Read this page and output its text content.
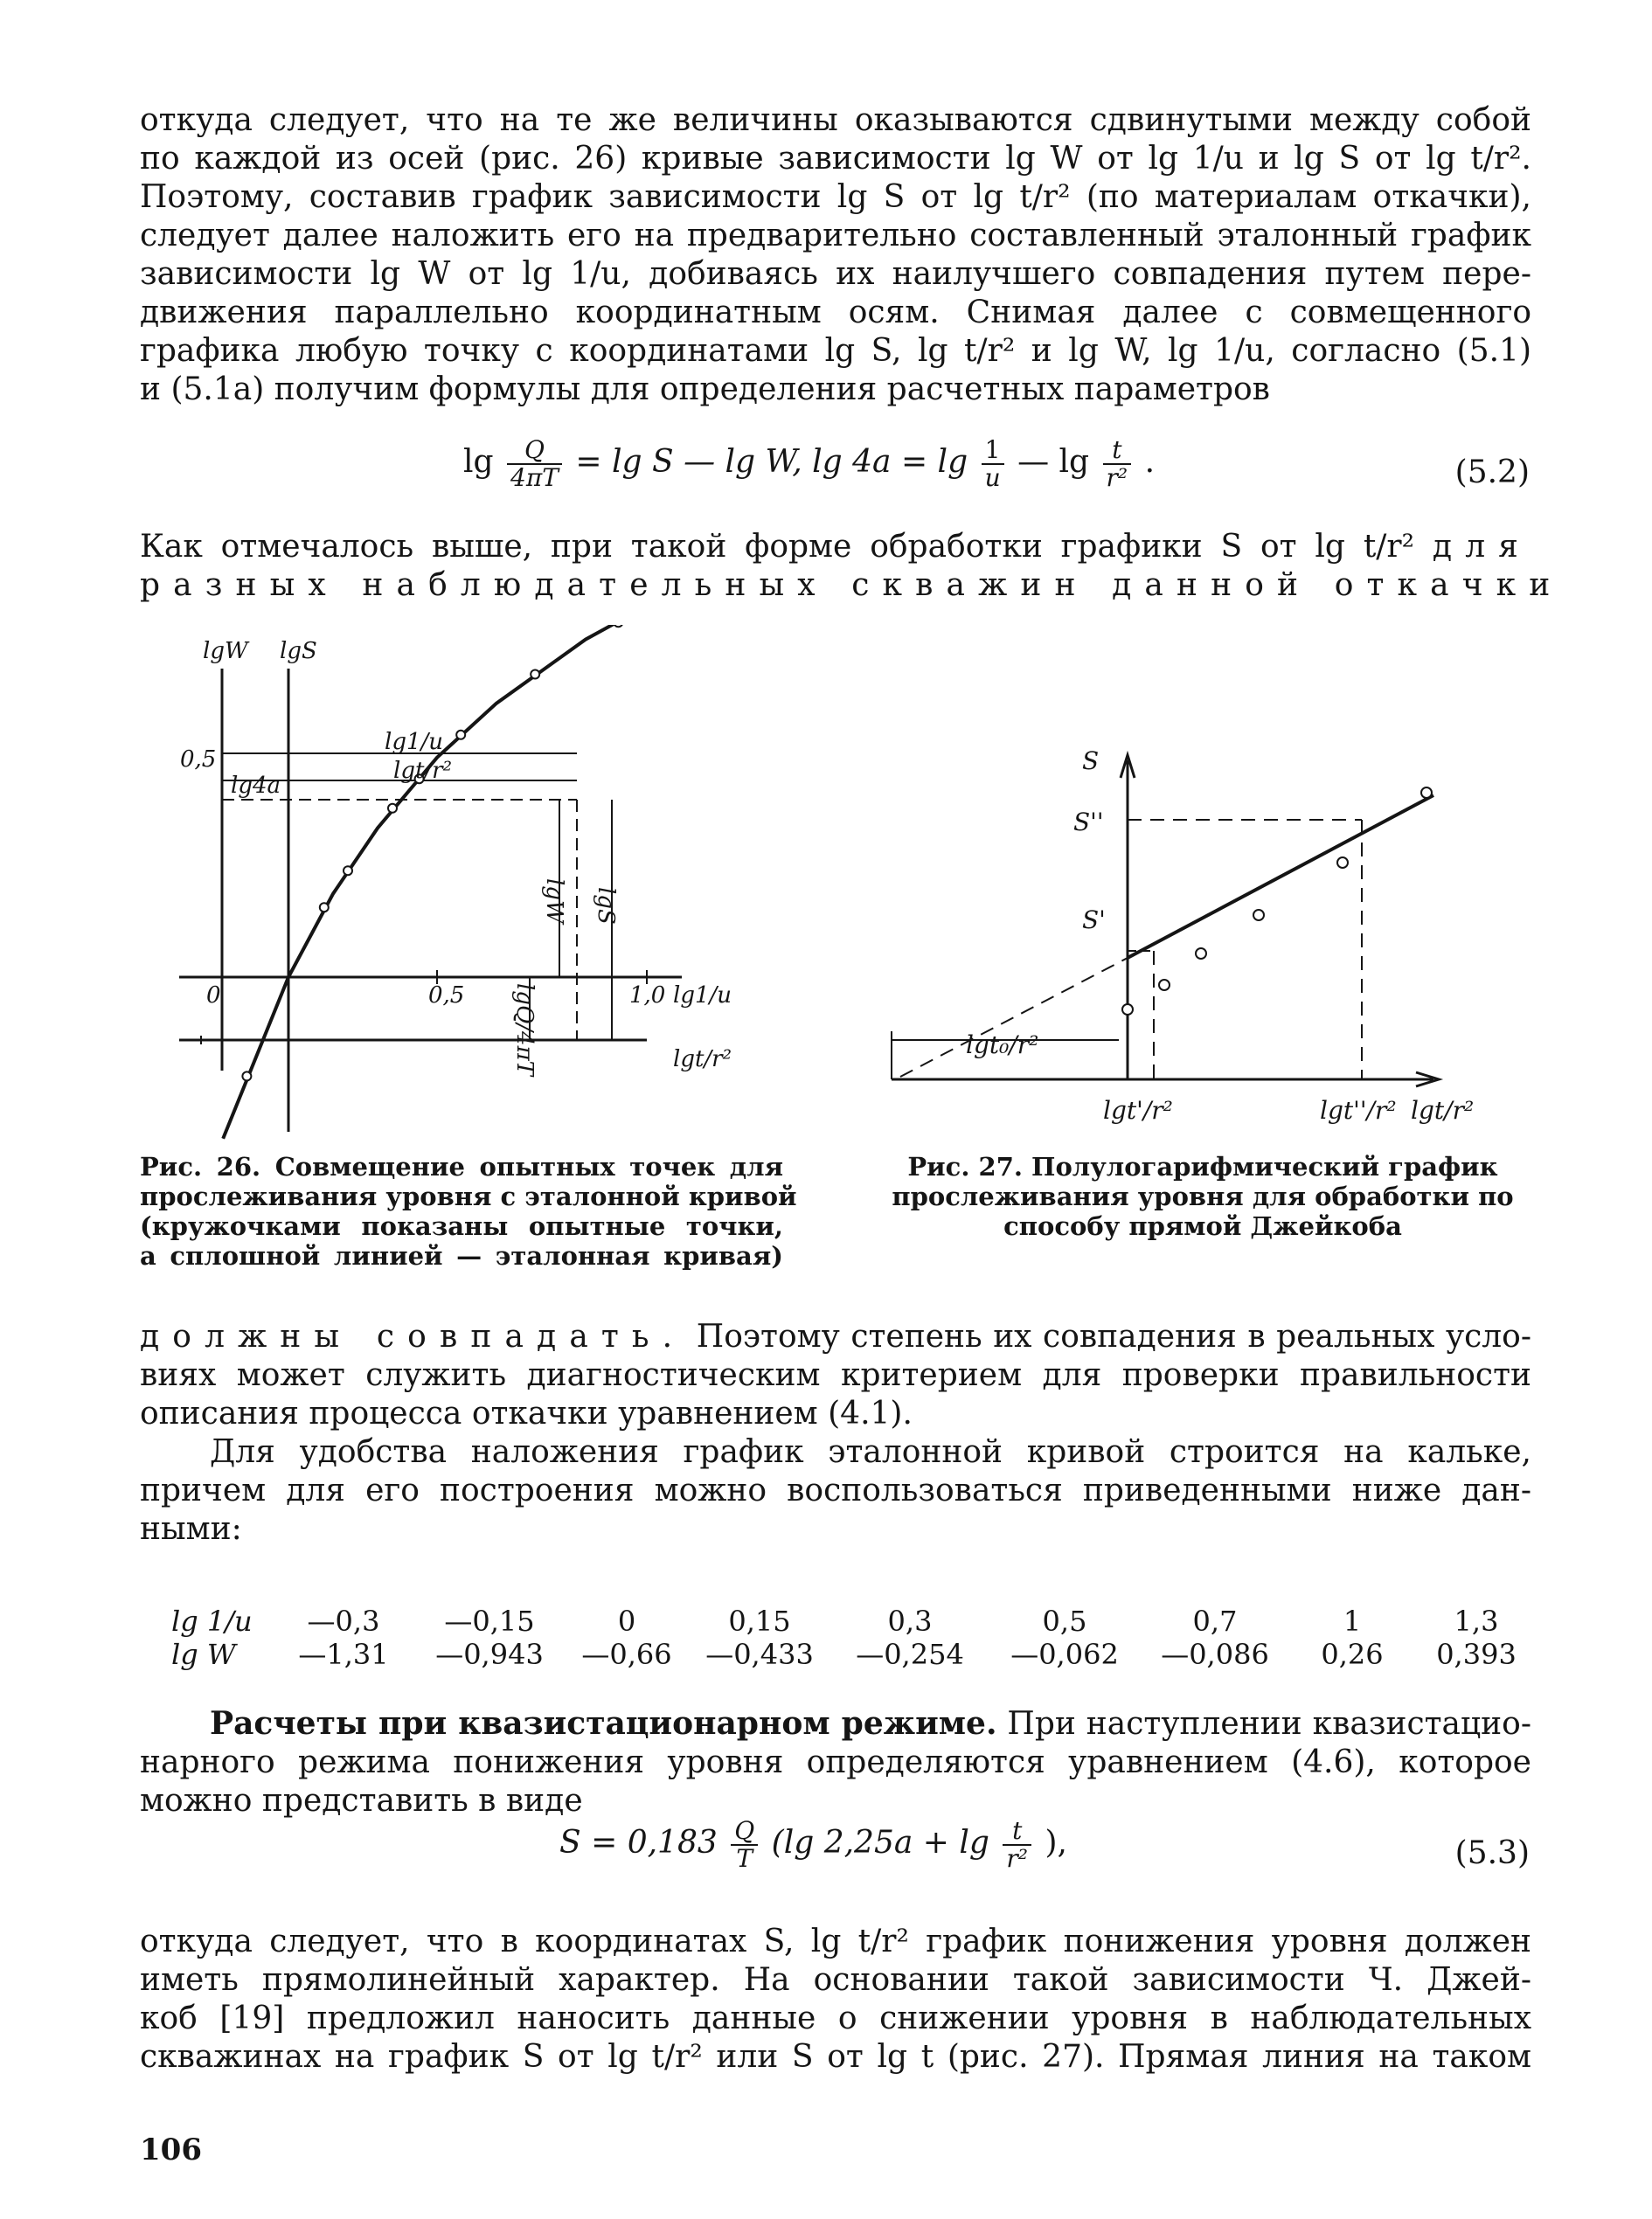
откуда следует, что на те же величины оказываются сдвинутыми между собой
по каждой из осей (рис. 26) кривые зависимости lg W от lg 1/u и lg S от lg t/r².
Поэтому, составив график зависимости lg S от lg t/r² (по материалам откачки),
следует далее наложить его на предварительно составленный эталонный график
зависимости lg W от lg 1/u, добиваясь их наилучшего совпадения путем пере-
движения параллельно координатным осям. Снимая далее с совмещенного
графика любую точку с координатами lg S, lg t/r² и lg W, lg 1/u, согласно (5.1)
и (5.1а) получим формулы для определения расчетных параметров
$\lg \frac{Q}{4\pi T} = \lg S$ — lg W, $\lg 4a = \lg \frac{1}{u}$ — $\lg \frac{t}{\text{r²}}$ .	(5.2)
Как отмечалось выше, при такой форме обработки графики S от lg t/r² для
разных наблюдательных скважин данной откачки
lgW lgS
0,5
lg4a
lg1/u
lgt/r²
lgW lgS
lgQ/4πT
0	0,5	1,0 lg1/u
lgt/r²
Рис. 26. Совмещение опытных точек для
прослеживания уровня с эталонной кривой
(кружочками показаны опытные точки,
а сплошной линией — эталонная кривая)
S
S''
S'
lgt₀/r²
lgt'/r²	lgt''/r² lgt/r²
Рис. 27. Полулогарифмический график
прослеживания уровня для обработки по
способу прямой Джейкоба
должны совпадать. Поэтому степень их совпадения в реальных усло-
виях может служить диагностическим критерием для проверки правильности
описания процесса откачки уравнением (4.1).
Для удобства наложения график эталонной кривой строится на кальке,
причем для его построения можно воспользоваться приведенными ниже дан-
ными:
lg 1/u	—0,3	—0,15	0	0,15	0,3	0,5	0,7	1	1,3
lg W	—1,31	—0,943	—0,66	—0,433	—0,254	—0,062	—0,086	0,26	0,393
Расчеты при квазистационарном режиме. При наступлении квазистацио-
нарного режима понижения уровня определяются уравнением (4.6), которое
можно представить в виде
$S = 0,183 \frac{Q}{T} (\lg$ $2,25a + \lg \frac{t}{\text{r²}}$ ),	(5.3)
откуда следует, что в координатах S, lg t/r² график понижения уровня должен
иметь прямолинейный характер. На основании такой зависимости Ч. Джей-
коб [19] предложил наносить данные о снижении уровня в наблюдательных
скважинах на график S от lg t/r² или S от lg t (рис. 27). Прямая линия на таком
106
